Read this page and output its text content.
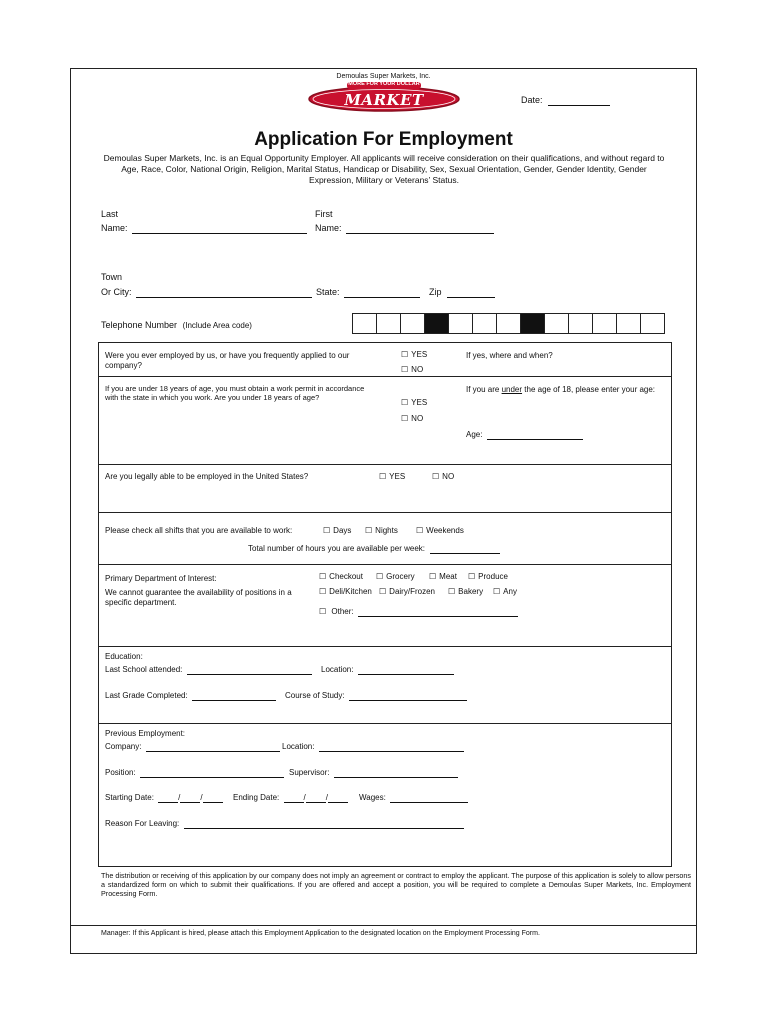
Demoulas Super Markets, Inc.
"MORE FOR YOUR DOLLAR"
MARKET BASKET
Date:
Application For Employment
Demoulas Super Markets, Inc. is an Equal Opportunity Employer. All applicants will receive consideration on their qualifications, and without regard to Age, Race, Color, National Origin, Religion, Marital Status, Handicap or Disability, Sex, Sexual Orientation, Gender, Gender Identity, Gender Expression, Military or Veterans’ Status.
Last
Name:
First
Name:
Town
Or City:	State:	Zip
Telephone Number (Include Area code)
Were you ever employed by us, or have you frequently applied to our company?
☐ YES
☐ NO
If yes, where and when?
If you are under 18 years of age, you must obtain a work permit in accordance with the state in which you work. Are you under 18 years of age?
☐ YES
☐ NO
If you are under the age of 18, please enter your age:
Age:
Are you legally able to be employed in the United States?	☐ YES	☐ NO
Please check all shifts that you are available to work:	☐ Days	☐ Nights	☐ Weekends
Total number of hours you are available per week:
Primary Department of Interest:
We cannot guarantee the availability of positions in a specific department.
☐ Checkout	☐ Grocery	☐ Meat	☐ Produce
☐ Deli/Kitchen	☐ Dairy/Frozen	☐ Bakery	☐ Any
☐ Other:
Education:
Last School attended:	Location:
Last Grade Completed:	Course of Study:
Previous Employment:
Company:	Location:
Position:	Supervisor:
Starting Date:	/	/	Ending Date:	/	/	Wages:
Reason For Leaving:
The distribution or receiving of this application by our company does not imply an agreement or contract to employ the applicant. The purpose of this application is solely to allow persons a standardized form on which to submit their qualifications. If you are offered and accept a position, you will be required to complete a Demoulas Super Markets, Inc. Employment Processing Form.
Manager: If this Applicant is hired, please attach this Employment Application to the designated location on the Employment Processing Form.
